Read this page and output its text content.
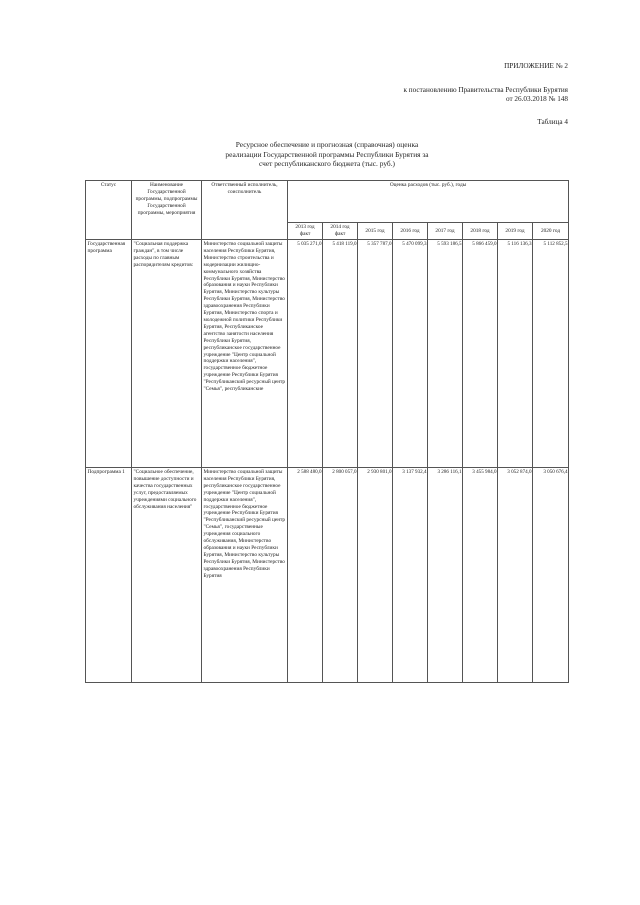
ПРИЛОЖЕНИЕ № 2
к постановлению Правительства Республики Бурятия
от 26.03.2018 № 148
Таблица 4
Ресурсное обеспечение и прогнозная (справочная) оценка
реализации Государственной программы Республики Бурятия за
счет республиканского бюджета (тыс. руб.)
Статус	Наименование Государственной программы, подпрограммы Государственной программы, мероприятия	Ответственный исполнитель, соисполнитель	Оценка расходов (тыс. руб.), годы							
			2013 год факт	2014 год факт	2015 год	2016 год	2017 год	2018 год	2019 год	2020 год
Государственная программа	"Социальная поддержка граждан", в том числе расходы по главным распорядителям кредитов:	Министерство социальной защиты населения Республики Бурятия, Министерство строительства и модернизации жилищно-коммунального хозяйства Республики Бурятия, Министерство образования и науки Республики Бурятия, Министерство культуры Республики Бурятия, Министерство здравоохранения Республики Бурятия, Министерство спорта и молодежной политики Республики Бурятия, Республиканское агентство занятости населения Республики Бурятия, республиканское государственное учреждение "Центр социальной поддержки населения", государственное бюджетное учреждение Республики Бурятия "Республиканский ресурсный центр "Семья", республиканские	5 035 271,0	5 418 119,0	5 357 787,0	5 470 099,3	5 593 186,5	5 866 459,0	5 116 136,3	5 112 852,5
Подпрограмма 1	"Социальное обеспечение, повышение доступности и качества государственных услуг, предоставляемых учреждениями социального обслуживания населения"	Министерство социальной защиты населения Республики Бурятия, республиканское государственное учреждение "Центр социальной поддержки населения", государственное бюджетное учреждение Республики Бурятия "Республиканский ресурсный центр "Семья", государственные учреждения социального обслуживания, Министерство образования и науки Республики Бурятия, Министерство культуры Республики Бурятия, Министерство здравоохранения Республики Бурятия	2 588 480,0	2 800 057,0	2 930 801,0	3 137 932,4	3 286 116,1	3 455 984,0	3 052 874,0	3 050 676,4
